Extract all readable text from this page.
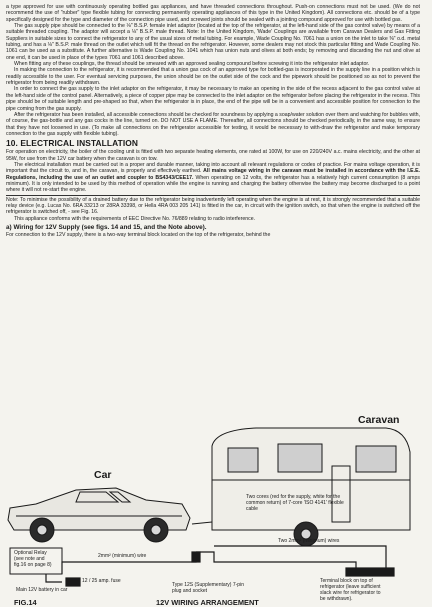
a type approved for use with continuously operating bottled gas appliances, and have threaded connections throughout. Push-on connections must not be used. (We do not recommend the use of "rubber" type flexible tubing for connecting permanently operating appliances of this type in the United Kingdom). All connections etc. should be of a type specifically designed for the type and diameter of the connection pipe used, and screwed joints should be sealed with a jointing compound approved for use with bottled gas.

The gas supply pipe should be connected to the ⅛" B.S.P. female inlet adaptor (located at the top of the refrigerator, at the left-hand side of the gas control valve) by means of a suitable threaded coupling. The adaptor will accept a ⅛" B.S.P. male thread. Note: In the United Kingdom, 'Wade' Couplings are available from Caravan Dealers and Gas Fitting Suppliers in suitable sizes to connect the refrigerator to any of the usual sizes of metal tubing. For example, Wade Coupling No. 7061 has a union on the inlet to take ⅜" o.d. metal tubing, and has a ⅛" B.S.P. male thread on the outlet which will fit the thread on the refrigerator. However, some dealers may not stock this particular fitting and Wade Coupling No. 1061 can be used as a substitute. A further alternative is Wade Coupling No. 1041 which has union nuts and olives at both ends; by removing and discarding the nut and olive at one end, it can be used in place of the types 7061 and 1061 described above.

When fitting any of these couplings, the thread should be smeared with an approved sealing compound before screwing it into the refrigerator inlet adaptor.

In making the connection to the refrigerator, it is recommended that a union gas cock of an approved type for bottled-gas is incorporated in the supply line in a position which is readily accessible to the user. For eventual servicing purposes, the union should be on the outlet side of the cock and the pipework should be positioned so as not to prevent the refrigerator from being readily withdrawn.

In order to connect the gas supply to the inlet adaptor on the refrigerator, it may be necessary to make an opening in the side of the recess adjacent to the gas control valve at the left-hand side of the control panel. Alternatively, a piece of copper pipe may be connected to the inlet adaptor on the refrigerator before placing the refrigerator in the recess. This pipe should be of suitable length and pre-shaped so that, when the refrigerator is in place, the end of the pipe will be in a convenient and accessible position for connection to the pipe coming from the gas supply.

After the refrigerator has been installed, all accessible connections should be checked for soundness by applying a soap/water solution over them and watching for bubbles with, of course, the gas-bottle and any gas cocks in the line, turned on. DO NOT USE A FLAME. Thereafter, all connections should be checked periodically, in the same way, to ensure that they have not loosened in use. (To make all connections on the refrigerator accessible for testing, it would be necessary to with-draw the refrigerator and make temporary connection to the gas supply with flexible tubing).

10. ELECTRICAL INSTALLATION

For operation on electricity, the boiler of the cooling unit is fitted with two separate heating elements, one rated at 100W, for use on 220/240V a.c. mains electricity, and the other at 95W, for use from the 12V car battery when the caravan is on tow.

The electrical installation must be carried out in a proper and durable manner, taking into account all relevant regulations or codes of practice. For mains voltage operation, it is important that the circuit to, and in, the caravan, is properly and effectively earthed. All mains voltage wiring in the caravan must be installed in accordance with the I.E.E. Regulations, including the use of an outlet and coupler to BS4343/CEE17. When operating on 12 volts, the refrigerator has a relatively high current consumption (8 amps minimum). It is only intended to be used by this method of operation while the engine is running and charging the battery otherwise the battery may become discharged to a point where it will not re-start the engine.

Note: To minimise the possibility of a drained battery due to the refrigerator being inadvertently left operating when the engine is at rest, it is strongly recommended that a suitable relay device (e.g. Lucas No. 6RA 33213 or 28RA 33398, or Hella 4RA 003 205 141) is fitted in the car, in circuit with the ignition switch, so that when the engine is switched off the refrigerator is switched off, - see Fig. 16.

This appliance conforms with the requirements of EEC Directive No. 76/889 relating to radio interference.

a) Wiring for 12V Supply (see figs. 14 and 15, and the Note above).

For connection to the 12V supply, there is a two-way terminal block located on the top of the refrigerator, behind the

Car
Caravan
Optional Relay
(see note and
fig.16 on page 8)
2mm² (minimum) wire
Two cores (red for the supply, white for the
common return) of 7-core 'ISO 4141' flexible
cable
Two 2mm² (minimum) wires
12 / 25 amp. fuse
Main 12V battery in car
Type 12S (Supplementary) 7-pin
plug and socket
Terminal block on top of
refrigerator (leave sufficient
slack wire for refrigerator to
be withdrawn).
FIG.14	12V WIRING ARRANGEMENT
